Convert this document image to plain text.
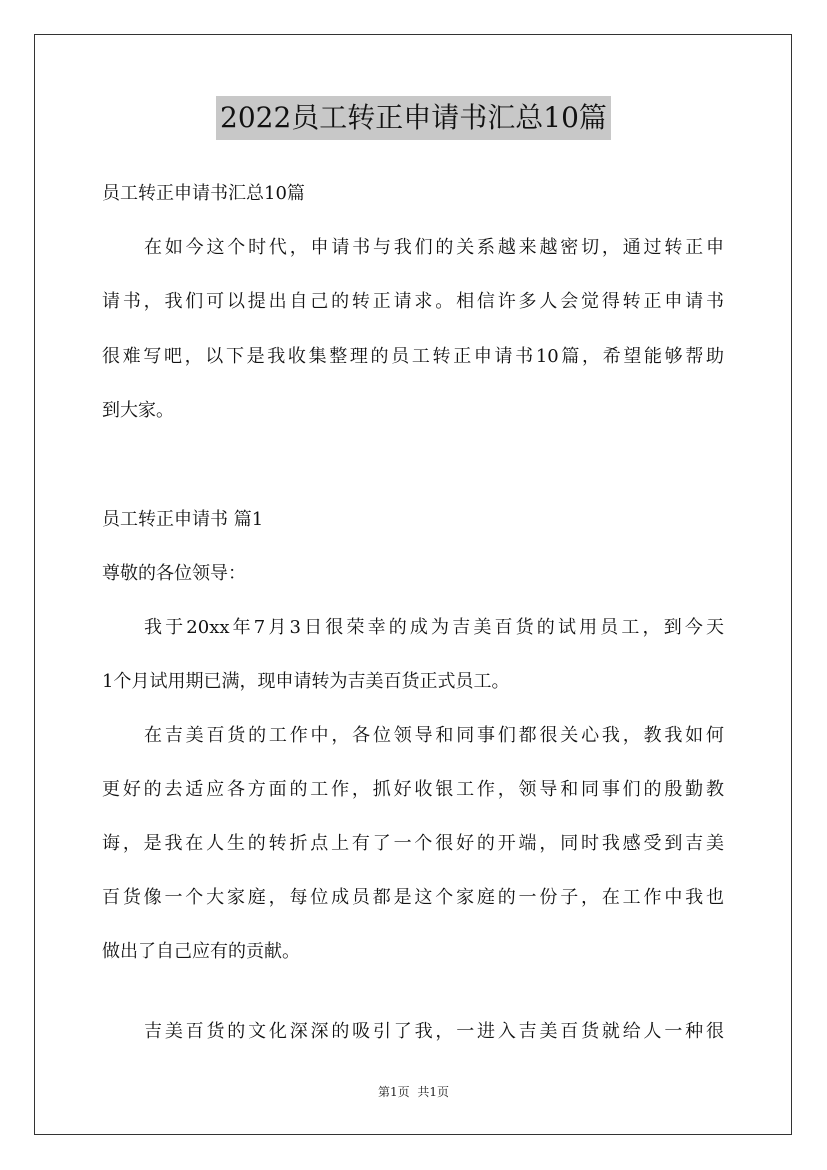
2022员工转正申请书汇总10篇
员工转正申请书汇总10篇
在如今这个时代，申请书与我们的关系越来越密切，通过转正申
请书，我们可以提出自己的转正请求。相信许多人会觉得转正申请书
很难写吧，以下是我收集整理的员工转正申请书10篇，希望能够帮助
到大家。
员工转正申请书 篇1
尊敬的各位领导：
我于20xx年7月3日很荣幸的成为吉美百货的试用员工，到今天
1个月试用期已满，现申请转为吉美百货正式员工。
在吉美百货的工作中，各位领导和同事们都很关心我，教我如何
更好的去适应各方面的工作，抓好收银工作，领导和同事们的殷勤教
诲，是我在人生的转折点上有了一个很好的开端，同时我感受到吉美
百货像一个大家庭，每位成员都是这个家庭的一份子，在工作中我也
做出了自己应有的贡献。
吉美百货的文化深深的吸引了我，一进入吉美百货就给人一种很
第1页 共1页
